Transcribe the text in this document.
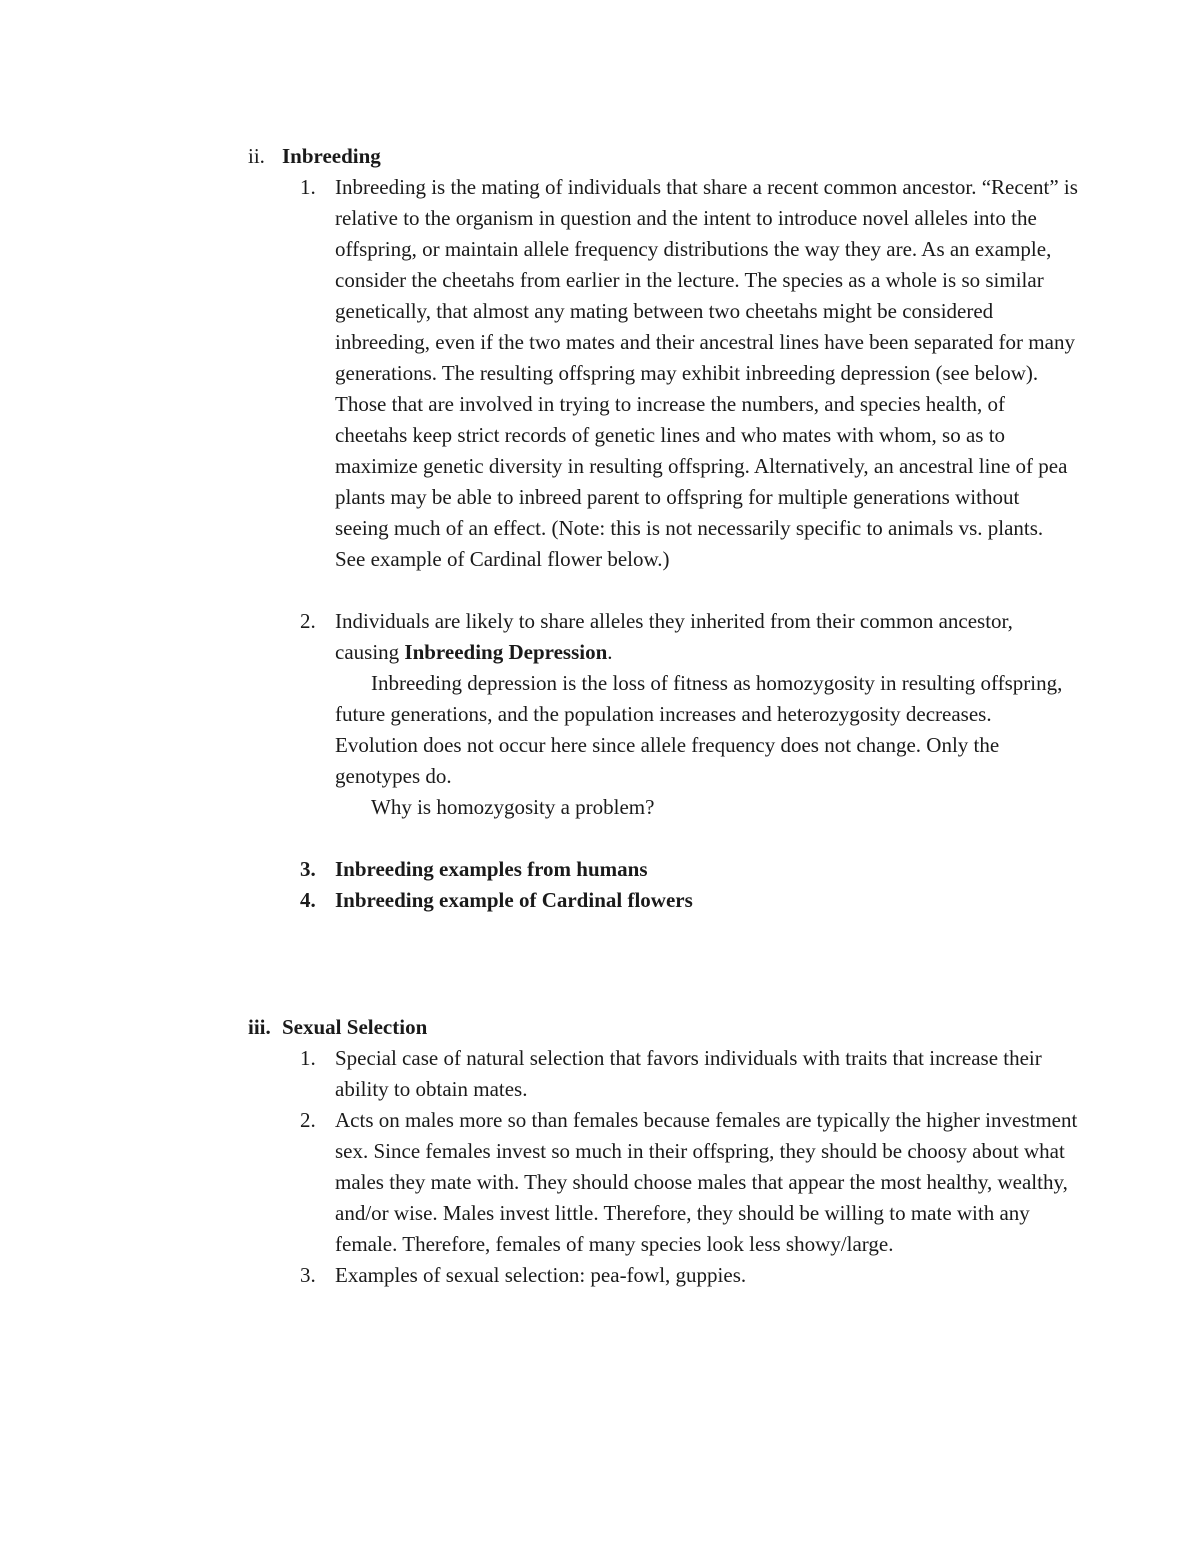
ii. Inbreeding
1. Inbreeding is the mating of individuals that share a recent common ancestor. “Recent” is relative to the organism in question and the intent to introduce novel alleles into the offspring, or maintain allele frequency distributions the way they are. As an example, consider the cheetahs from earlier in the lecture. The species as a whole is so similar genetically, that almost any mating between two cheetahs might be considered inbreeding, even if the two mates and their ancestral lines have been separated for many generations. The resulting offspring may exhibit inbreeding depression (see below). Those that are involved in trying to increase the numbers, and species health, of cheetahs keep strict records of genetic lines and who mates with whom, so as to maximize genetic diversity in resulting offspring. Alternatively, an ancestral line of pea plants may be able to inbreed parent to offspring for multiple generations without seeing much of an effect. (Note: this is not necessarily specific to animals vs. plants. See example of Cardinal flower below.)

2. Individuals are likely to share alleles they inherited from their common ancestor, causing Inbreeding Depression.

Inbreeding depression is the loss of fitness as homozygosity in resulting offspring, future generations, and the population increases and heterozygosity decreases. Evolution does not occur here since allele frequency does not change. Only the genotypes do.

Why is homozygosity a problem?

3. Inbreeding examples from humans

4. Inbreeding example of Cardinal flowers

iii. Sexual Selection
1. Special case of natural selection that favors individuals with traits that increase their ability to obtain mates.

2. Acts on males more so than females because females are typically the higher investment sex. Since females invest so much in their offspring, they should be choosy about what males they mate with. They should choose males that appear the most healthy, wealthy, and/or wise. Males invest little. Therefore, they should be willing to mate with any female. Therefore, females of many species look less showy/large.

3. Examples of sexual selection: pea-fowl, guppies.
